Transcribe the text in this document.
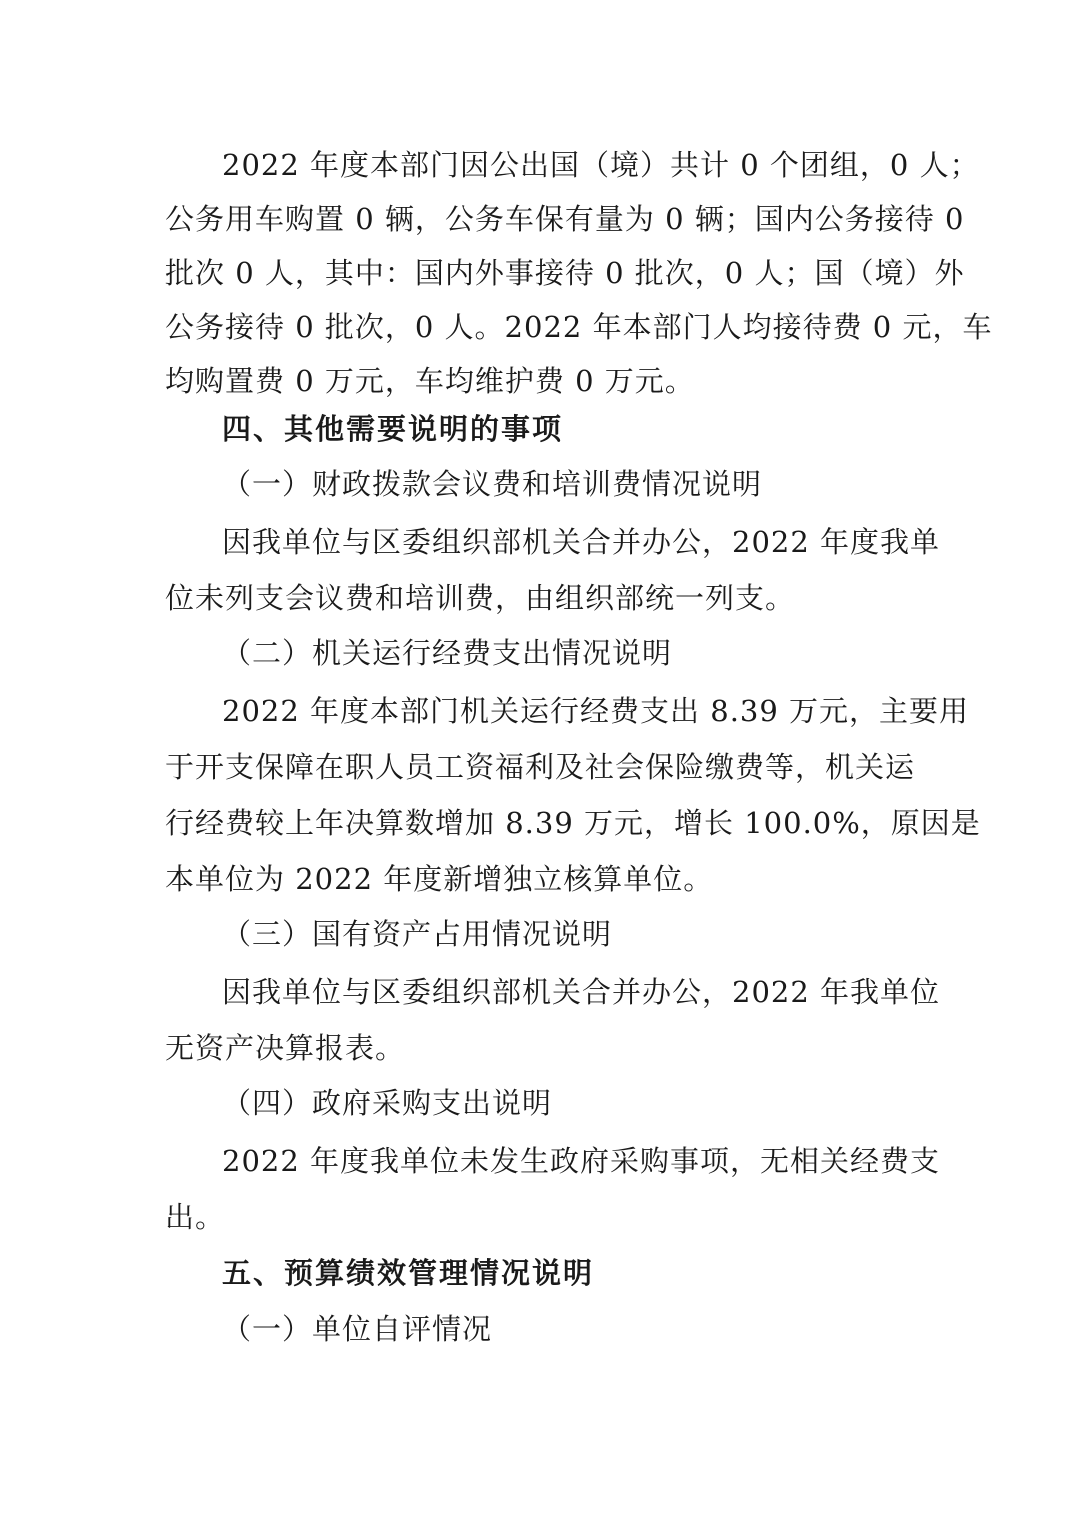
2022 年度本部门因公出国（境）共计 0 个团组，0 人；
公务用车购置 0 辆，公务车保有量为 0 辆；国内公务接待 0
批次 0 人，其中：国内外事接待 0 批次，0 人；国（境）外
公务接待 0 批次，0 人。2022 年本部门人均接待费 0 元，车
均购置费 0 万元，车均维护费 0 万元。
四、其他需要说明的事项
（一）财政拨款会议费和培训费情况说明
因我单位与区委组织部机关合并办公，2022 年度我单
位未列支会议费和培训费，由组织部统一列支。
（二）机关运行经费支出情况说明
2022 年度本部门机关运行经费支出 8.39 万元，主要用
于开支保障在职人员工资福利及社会保险缴费等，机关运
行经费较上年决算数增加 8.39 万元，增长 100.0%，原因是
本单位为 2022 年度新增独立核算单位。
（三）国有资产占用情况说明
因我单位与区委组织部机关合并办公，2022 年我单位
无资产决算报表。
（四）政府采购支出说明
2022 年度我单位未发生政府采购事项，无相关经费支
出。
五、预算绩效管理情况说明
（一）单位自评情况
